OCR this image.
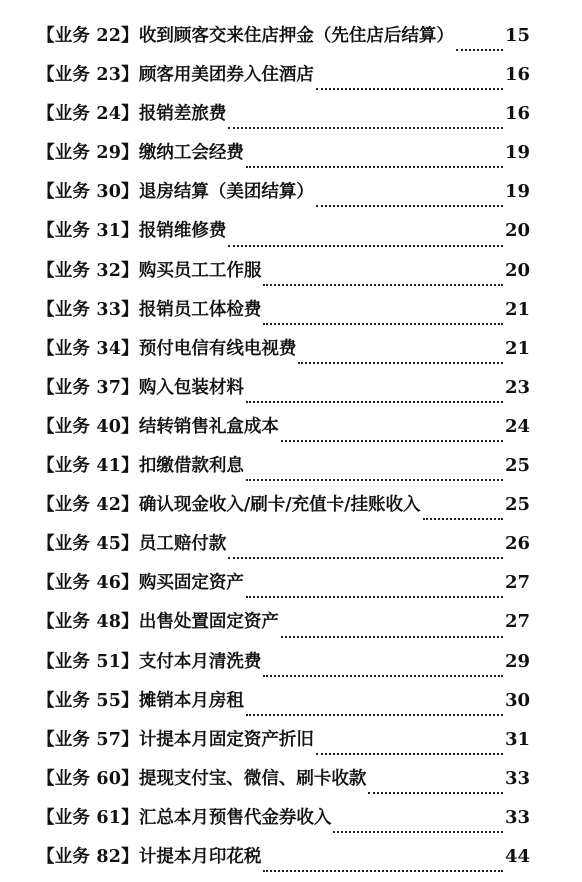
【业务 22】 收到顾客交来住店押金（先住店后结算）	15
【业务 23】 顾客用美团券入住酒店	16
【业务 24】 报销差旅费	16
【业务 29】 缴纳工会经费	19
【业务 30】 退房结算（美团结算）	19
【业务 31】 报销维修费	20
【业务 32】 购买员工工作服	20
【业务 33】 报销员工体检费	21
【业务 34】 预付电信有线电视费	21
【业务 37】 购入包装材料	23
【业务 40】 结转销售礼盒成本	24
【业务 41】 扣缴借款利息	25
【业务 42】 确认现金收入/刷卡/充值卡/挂账收入	25
【业务 45】 员工赔付款	26
【业务 46】 购买固定资产	27
【业务 48】 出售处置固定资产	27
【业务 51】 支付本月清洗费	29
【业务 55】 摊销本月房租	30
【业务 57】 计提本月固定资产折旧	31
【业务 60】 提现支付宝、微信、刷卡收款	33
【业务 61】 汇总本月预售代金券收入	33
【业务 82】 计提本月印花税	44
